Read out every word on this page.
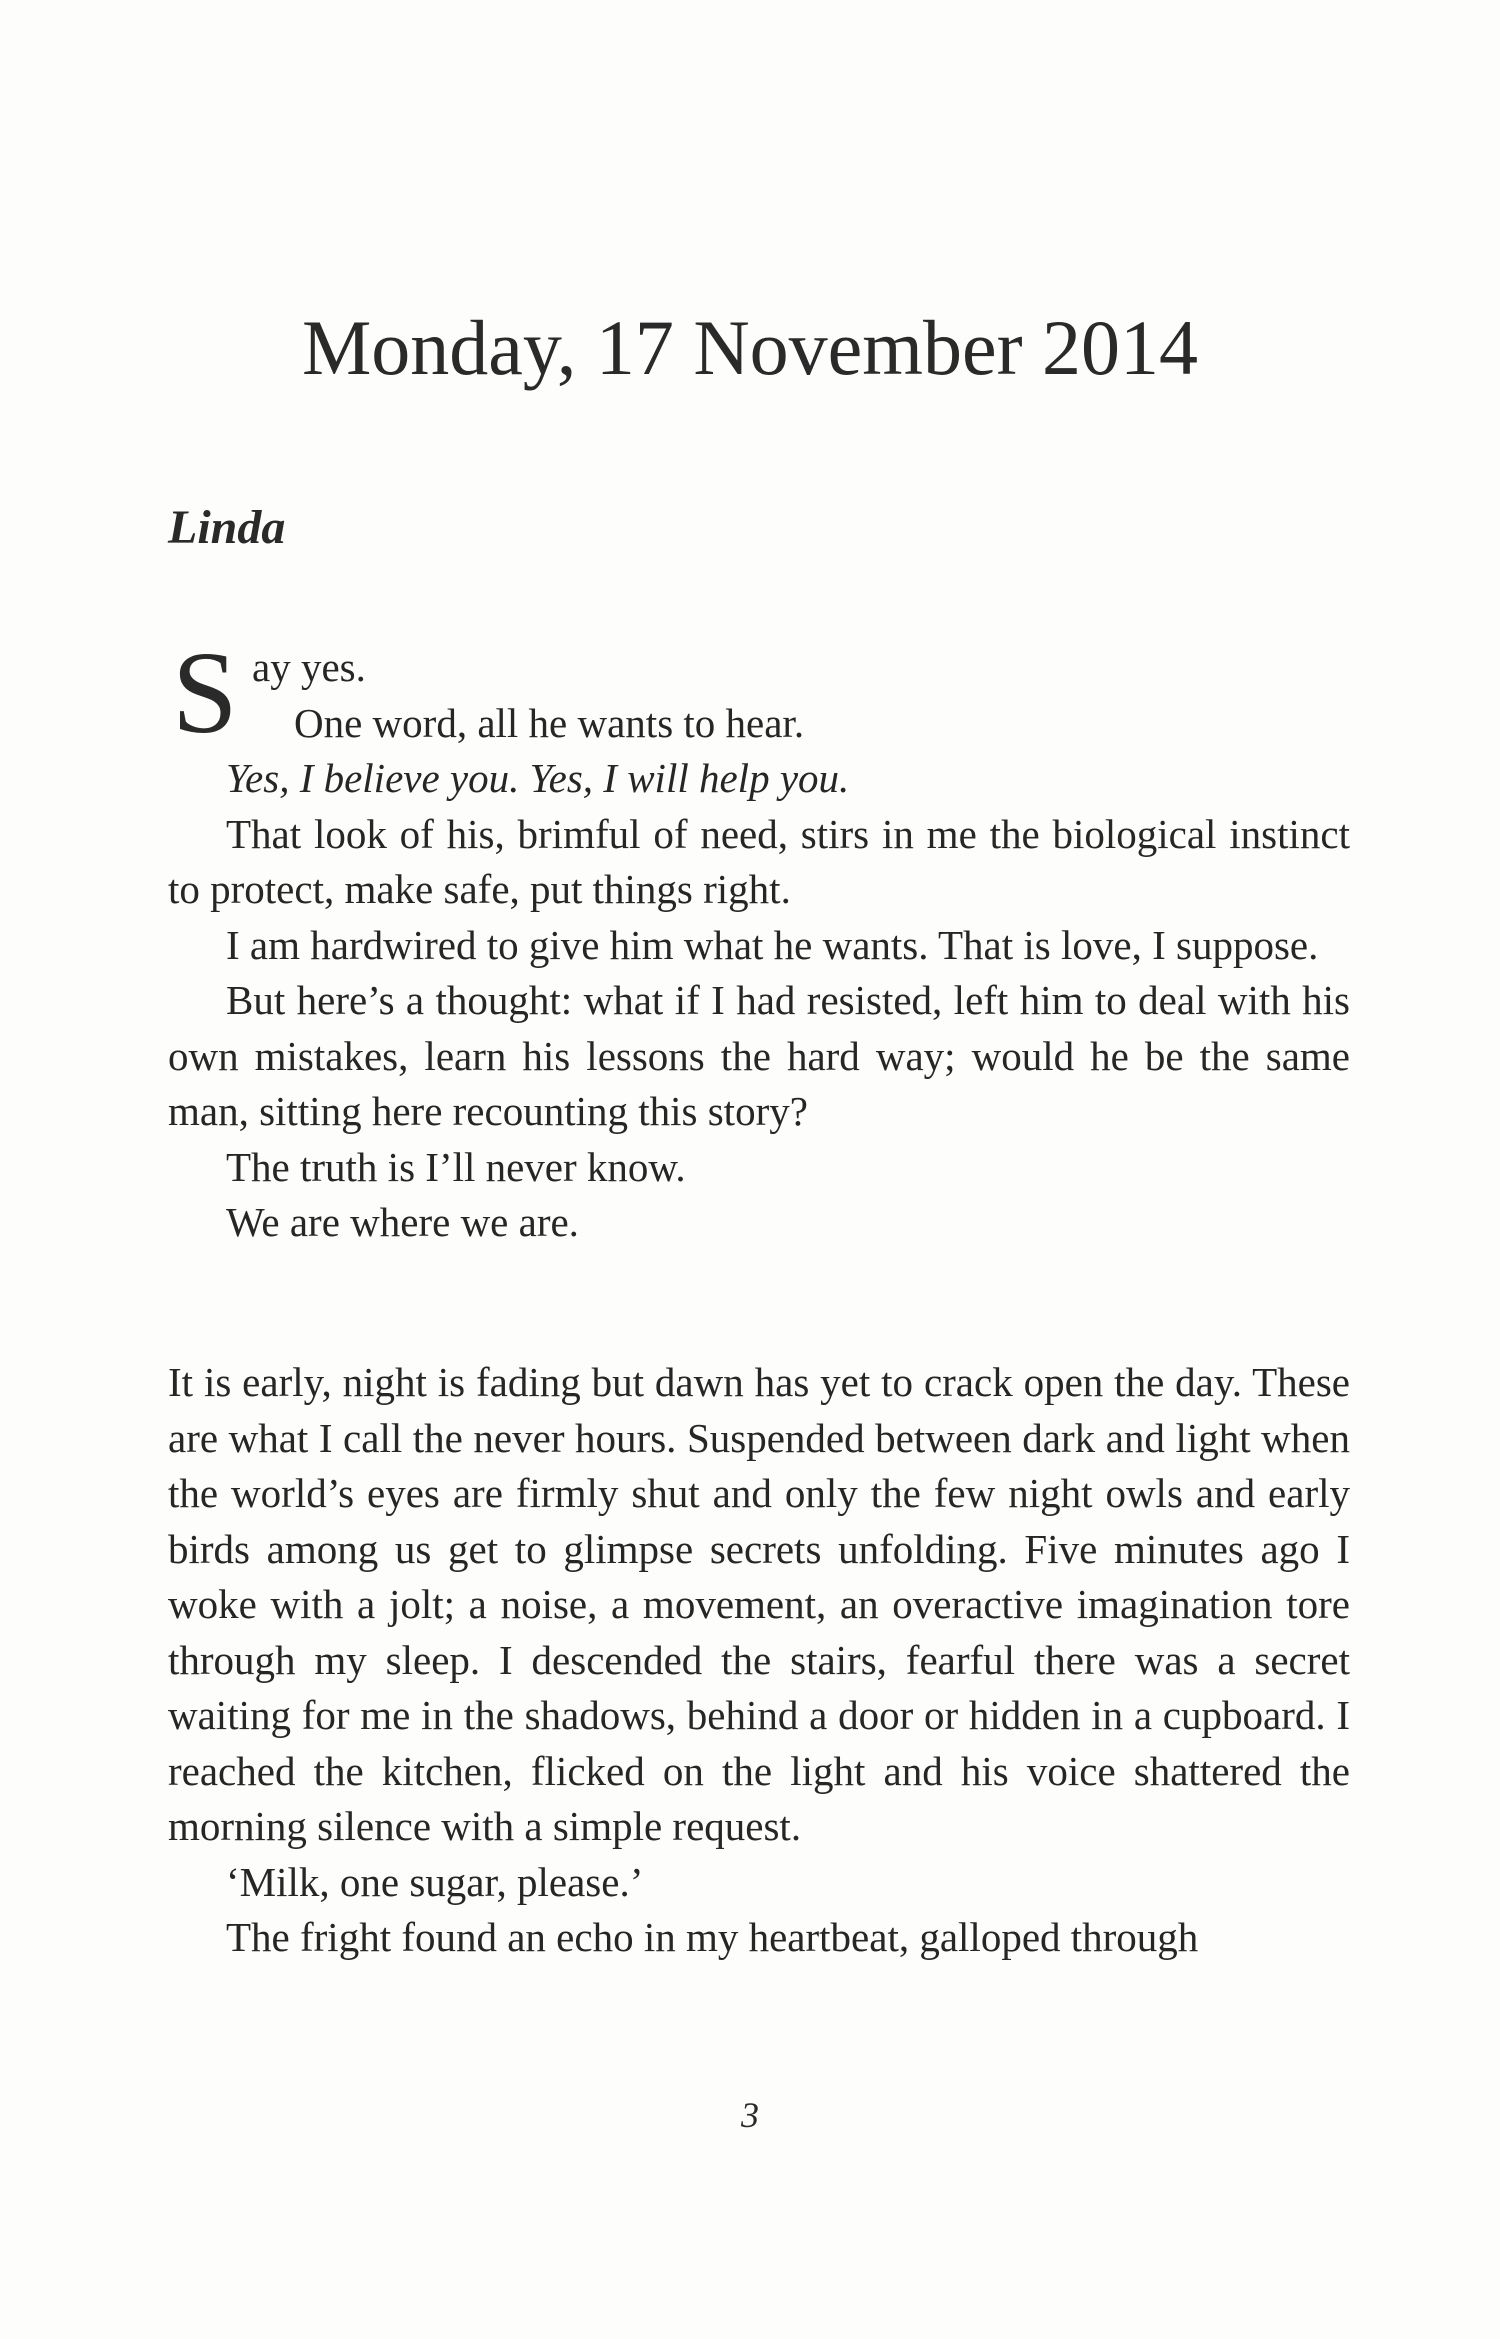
Monday, 17 November 2014
Linda
S ay yes.
One word, all he wants to hear.

Yes, I believe you. Yes, I will help you.

That look of his, brimful of need, stirs in me the biological instinct to protect, make safe, put things right.

I am hardwired to give him what he wants. That is love, I suppose.

But here’s a thought: what if I had resisted, left him to deal with his own mistakes, learn his lessons the hard way; would he be the same man, sitting here recounting this story?

The truth is I’ll never know.

We are where we are.

It is early, night is fading but dawn has yet to crack open the day. These are what I call the never hours. Suspended between dark and light when the world’s eyes are firmly shut and only the few night owls and early birds among us get to glimpse secrets unfolding. Five minutes ago I woke with a jolt; a noise, a movement, an overactive imagination tore through my sleep. I descended the stairs, fearful there was a secret waiting for me in the shadows, behind a door or hidden in a cupboard. I reached the kitchen, flicked on the light and his voice shattered the morning silence with a simple request.

‘Milk, one sugar, please.’

The fright found an echo in my heartbeat, galloped through

3
